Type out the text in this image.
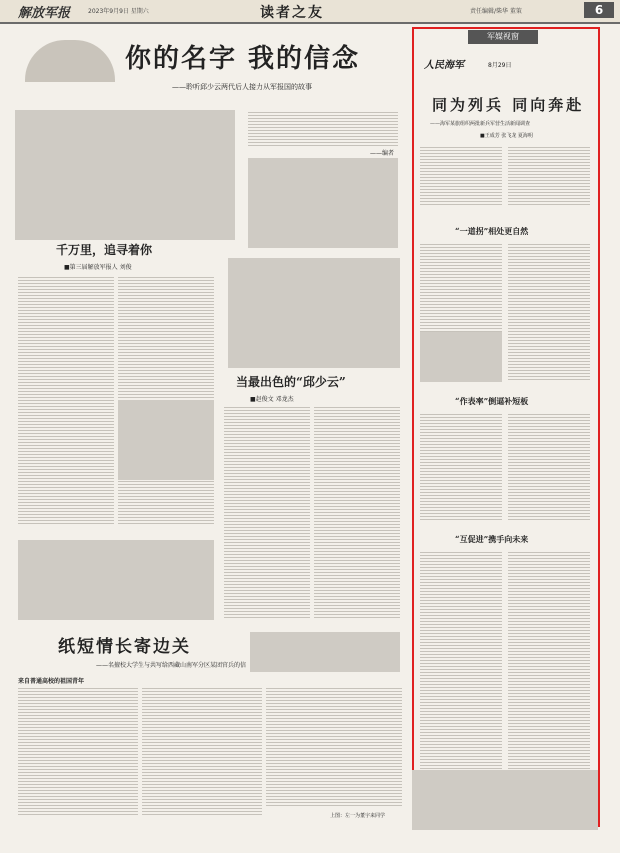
解放军报	2023年9月9日 星期六	读者之友	责任编辑/柴华 董策	6
你的名字 我的信念
——聆听邱少云两代后人接力从军报国的故事
——编者
千万里，追寻着你
■第三届解放军报人 刘俊
当最出色的“邱少云”
■赵俊文 邓龙杰
纸短情长寄边关
——名擅校大学生与共写给西藏山南军分区某团官兵的信
来自普通高校的祖国青年
上图：左一为董宇来同学
军媒视窗
人民海军	8月29日
同为列兵 同向奔赴
——海军某旅组织两批新兵军营生活新闻调查
■王成芳 张飞龙 夏海明
“一道拐”相处更自然
“作表率”倒逼补短板
“互促进”携手向未来
